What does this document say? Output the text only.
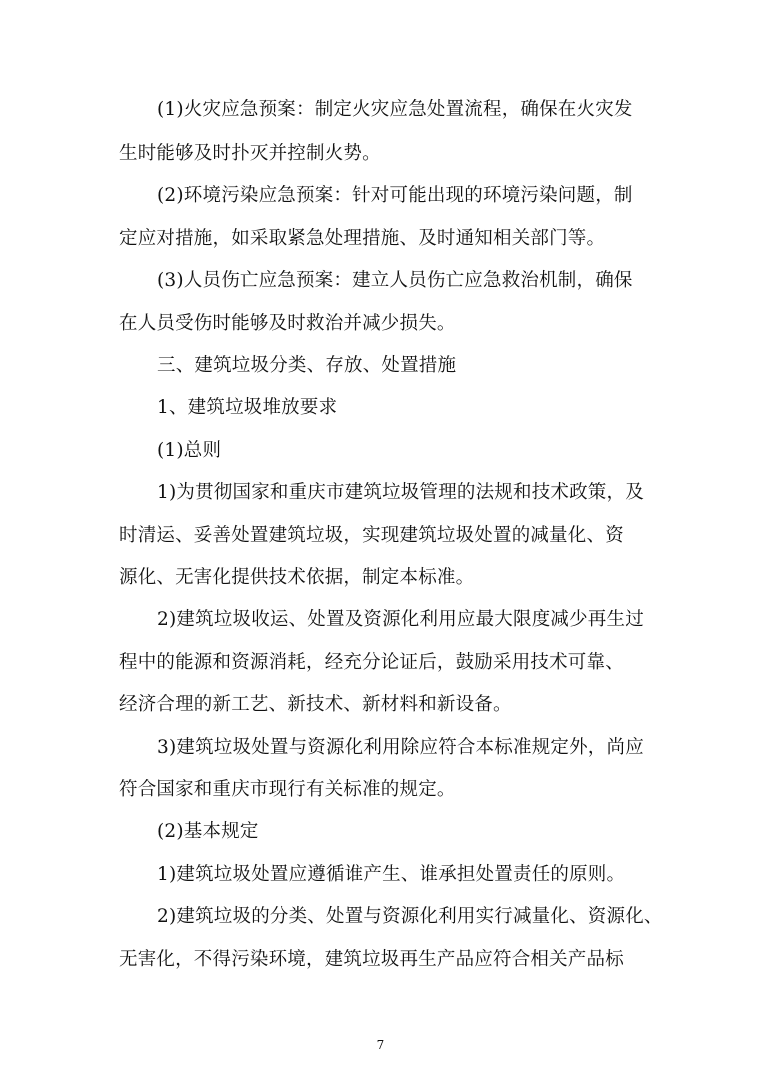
(1)火灾应急预案：制定火灾应急处置流程，确保在火灾发
生时能够及时扑灭并控制火势。
(2)环境污染应急预案：针对可能出现的环境污染问题，制
定应对措施，如采取紧急处理措施、及时通知相关部门等。
(3)人员伤亡应急预案：建立人员伤亡应急救治机制，确保
在人员受伤时能够及时救治并减少损失。
三、建筑垃圾分类、存放、处置措施
1、建筑垃圾堆放要求
(1)总则
1)为贯彻国家和重庆市建筑垃圾管理的法规和技术政策，及
时清运、妥善处置建筑垃圾，实现建筑垃圾处置的减量化、资
源化、无害化提供技术依据，制定本标准。
2)建筑垃圾收运、处置及资源化利用应最大限度减少再生过
程中的能源和资源消耗，经充分论证后，鼓励采用技术可靠、
经济合理的新工艺、新技术、新材料和新设备。
3)建筑垃圾处置与资源化利用除应符合本标准规定外，尚应
符合国家和重庆市现行有关标准的规定。
(2)基本规定
1)建筑垃圾处置应遵循谁产生、谁承担处置责任的原则。
2)建筑垃圾的分类、处置与资源化利用实行减量化、资源化、
无害化，不得污染环境，建筑垃圾再生产品应符合相关产品标
7
